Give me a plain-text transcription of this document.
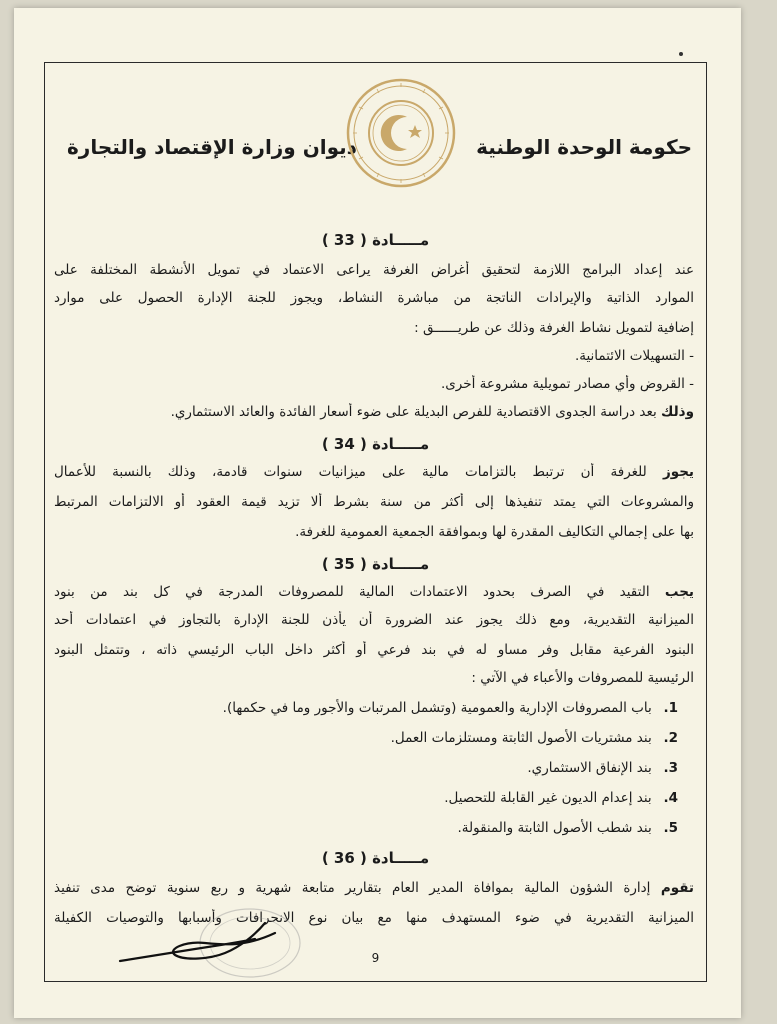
حكومة الوحدة الوطنية
ديوان وزارة الإقتصاد والتجارة
مـــــادة ( 33 )
عند إعداد البرامج اللازمة لتحقيق أغراض الغرفة يراعى الاعتماد في تمويل الأنشطة المختلفة على
الموارد الذاتية والإيرادات الناتجة من مباشرة النشاط، ويجوز للجنة الإدارة الحصول على موارد
إضافية لتمويل نشاط الغرفة وذلك عن طريــــــق :
- التسهيلات الائتمانية.
- القروض وأي مصادر تمويلية مشروعة أخرى.
وذلك بعد دراسة الجدوى الاقتصادية للفرص البديلة على ضوء أسعار الفائدة والعائد الاستثماري.
مـــــادة ( 34 )
يجوز للغرفة أن ترتبط بالتزامات مالية على ميزانيات سنوات قادمة، وذلك بالنسبة للأعمال
والمشروعات التي يمتد تنفيذها إلى أكثر من سنة بشرط ألا تزيد قيمة العقود أو الالتزامات المرتبط
بها على إجمالي التكاليف المقدرة لها وبموافقة الجمعية العمومية للغرفة.
مـــــادة ( 35 )
يجب التقيد في الصرف بحدود الاعتمادات المالية للمصروفات المدرجة في كل بند من بنود
الميزانية التقديرية، ومع ذلك يجوز عند الضرورة أن يأذن للجنة الإدارة بالتجاوز في اعتمادات أحد
البنود الفرعية مقابل وفر مساو له في بند فرعي أو أكثر داخل الباب الرئيسي ذاته ، وتتمثل البنود
الرئيسية للمصروفات والأعباء في الآتي :
1. باب المصروفات الإدارية والعمومية (وتشمل المرتبات والأجور وما في حكمها).
2. بند مشتريات الأصول الثابتة ومستلزمات العمل.
3. بند الإنفاق الاستثماري.
4. بند إعدام الديون غير القابلة للتحصيل.
5. بند شطب الأصول الثابتة والمنقولة.
مـــــادة ( 36 )
تقوم إدارة الشؤون المالية بموافاة المدير العام بتقارير متابعة شهرية و ربع سنوية توضح مدى تنفيذ
الميزانية التقديرية في ضوء المستهدف منها مع بيان نوع الانحرافات وأسبابها والتوصيات الكفيلة
9
